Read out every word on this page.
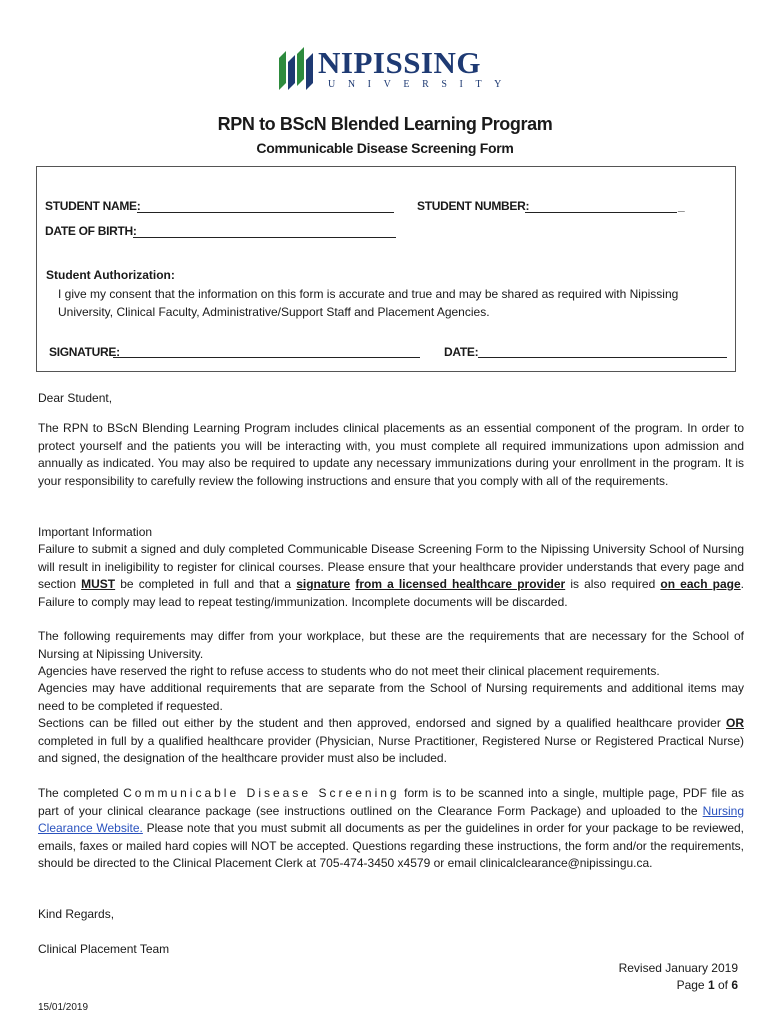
NIPISSING
UNIVERSITY
RPN to BScN Blended Learning Program
Communicable Disease Screening Form
STUDENT NAME:	STUDENT NUMBER:	_
DATE OF BIRTH:
Student Authorization:
I give my consent that the information on this form is accurate and true and may be shared as required with Nipissing
University, Clinical Faculty, Administrative/Support Staff and Placement Agencies.
SIGNATURE:	DATE:
Dear Student,
The RPN to BScN Blending Learning Program includes clinical placements as an essential component of the program. In order to protect yourself and the patients you will be interacting with, you must complete all required immunizations upon admission and annually as indicated. You may also be required to update any necessary immunizations during your enrollment in the program. It is your responsibility to carefully review the following instructions and ensure that you comply with all of the requirements.
Important Information
Failure to submit a signed and duly completed Communicable Disease Screening Form to the Nipissing University School of Nursing will result in ineligibility to register for clinical courses. Please ensure that your healthcare provider understands that every page and section MUST be completed in full and that a signature from a licensed healthcare provider is also required on each page. Failure to comply may lead to repeat testing/immunization. Incomplete documents will be discarded.
The following requirements may differ from your workplace, but these are the requirements that are necessary for the School of Nursing at Nipissing University.
Agencies have reserved the right to refuse access to students who do not meet their clinical placement requirements.
Agencies may have additional requirements that are separate from the School of Nursing requirements and additional items may need to be completed if requested.
Sections can be filled out either by the student and then approved, endorsed and signed by a qualified healthcare provider OR completed in full by a qualified healthcare provider (Physician, Nurse Practitioner, Registered Nurse or Registered Practical Nurse) and signed, the designation of the healthcare provider must also be included.
The completed Communicable Disease Screening form is to be scanned into a single, multiple page, PDF file as part of your clinical clearance package (see instructions outlined on the Clearance Form Package) and uploaded to the Nursing Clearance Website. Please note that you must submit all documents as per the guidelines in order for your package to be reviewed, emails, faxes or mailed hard copies will NOT be accepted. Questions regarding these instructions, the form and/or the requirements, should be directed to the Clinical Placement Clerk at 705-474-3450 x4579 or email clinicalclearance@nipissingu.ca.
Kind Regards,
Clinical Placement Team
Revised January 2019
Page 1 of 6
15/01/2019
